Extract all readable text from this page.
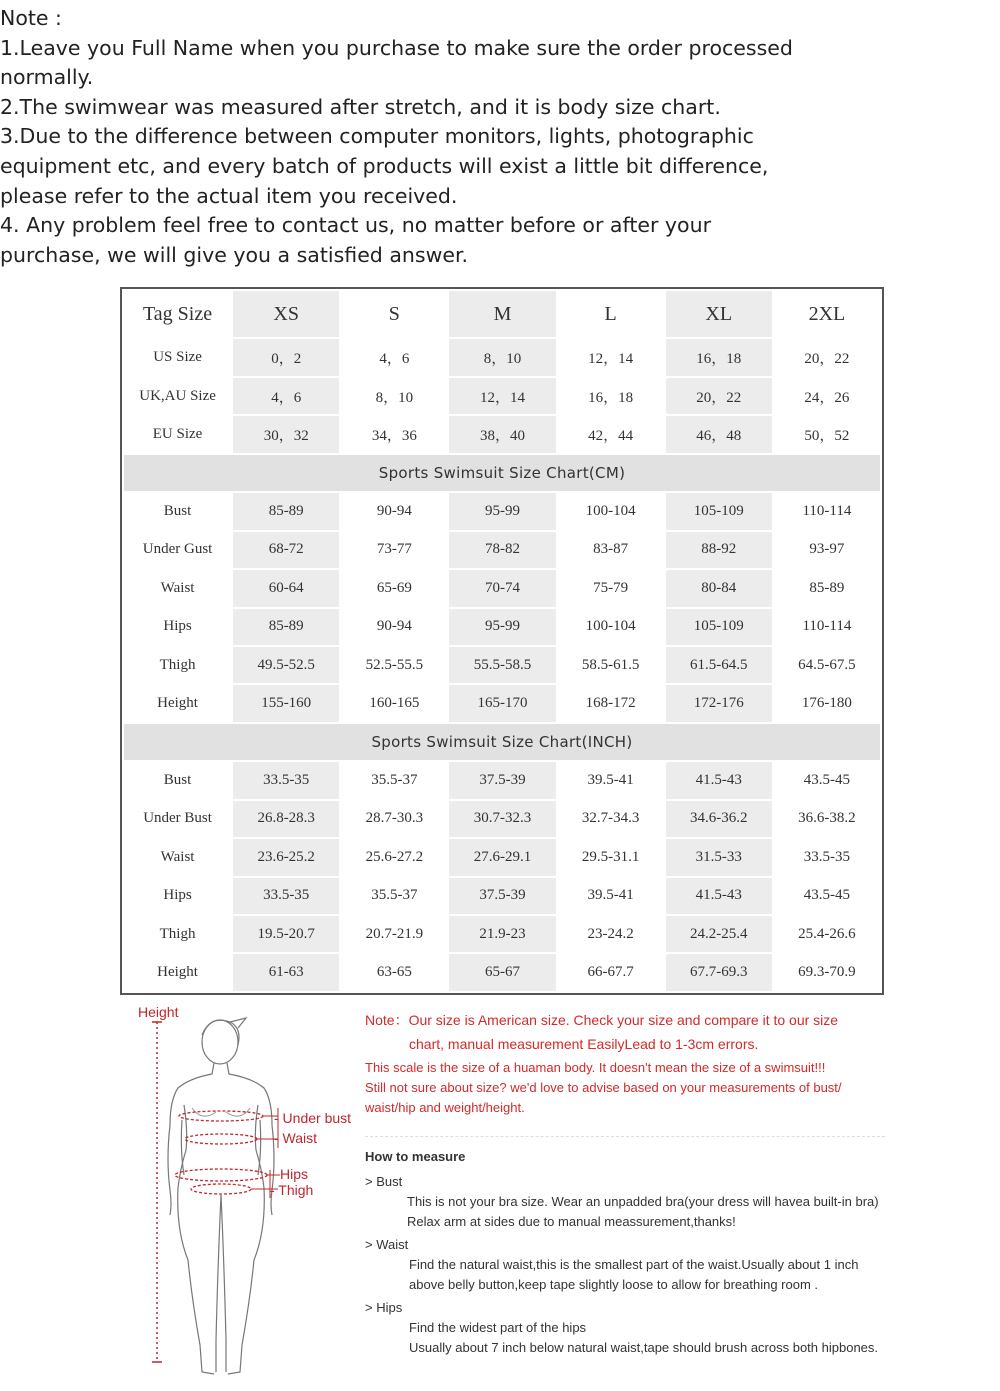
Note :

1.Leave you Full Name when you purchase to make sure the order processed normally.

2.The swimwear was measured after stretch, and it is body size chart.

3.Due to the difference between computer monitors, lights, photographic equipment etc, and every batch of products will exist a little bit difference, please refer to the actual item you received.

4. Any problem feel free to contact us, no matter before or after your purchase, we will give you a satisfied answer.

Tag Size	XS	S	M	L	XL	2XL
US Size	0，2	4，6	8，10	12，14	16，18	20，22
UK,AU Size	4，6	8，10	12，14	16，18	20，22	24，26
EU Size	30，32	34，36	38，40	42，44	46，48	50，52
Sports Swimsuit Size Chart(CM)						
Bust	85-89	90-94	95-99	100-104	105-109	110-114
Under Gust	68-72	73-77	78-82	83-87	88-92	93-97
Waist	60-64	65-69	70-74	75-79	80-84	85-89
Hips	85-89	90-94	95-99	100-104	105-109	110-114
Thigh	49.5-52.5	52.5-55.5	55.5-58.5	58.5-61.5	61.5-64.5	64.5-67.5
Height	155-160	160-165	165-170	168-172	172-176	176-180
Sports Swimsuit Size Chart(INCH)						
Bust	33.5-35	35.5-37	37.5-39	39.5-41	41.5-43	43.5-45
Under Bust	26.8-28.3	28.7-30.3	30.7-32.3	32.7-34.3	34.6-36.2	36.6-38.2
Waist	23.6-25.2	25.6-27.2	27.6-29.1	29.5-31.1	31.5-33	33.5-35
Hips	33.5-35	35.5-37	37.5-39	39.5-41	41.5-43	43.5-45
Thigh	19.5-20.7	20.7-21.9	21.9-23	23-24.2	24.2-25.4	25.4-26.6
Height	61-63	63-65	65-67	66-67.7	67.7-69.3	69.3-70.9
Height
- Under bust
- Waist
Hips
- Thigh
Note：Our size is American size. Check your size and compare it to our size
chart, manual measurement EasilyLead to 1-3cm errors.
This scale is the size of a huaman body. It doesn't mean the size of a swimsuit!!!
Still not sure about size? we'd love to advise based on your measurements of bust/
waist/hip and weight/height.
How to measure
> Bust
This is not your bra size. Wear an unpadded bra(your dress will havea built-in bra)
Relax arm at sides due to manual meassurement,thanks!
> Waist
Find the natural waist,this is the smallest part of the waist.Usually about 1 inch
above belly button,keep tape slightly loose to allow for breathing room .
> Hips
Find the widest part of the hips
Usually about 7 inch below natural waist,tape should brush across both hipbones.
